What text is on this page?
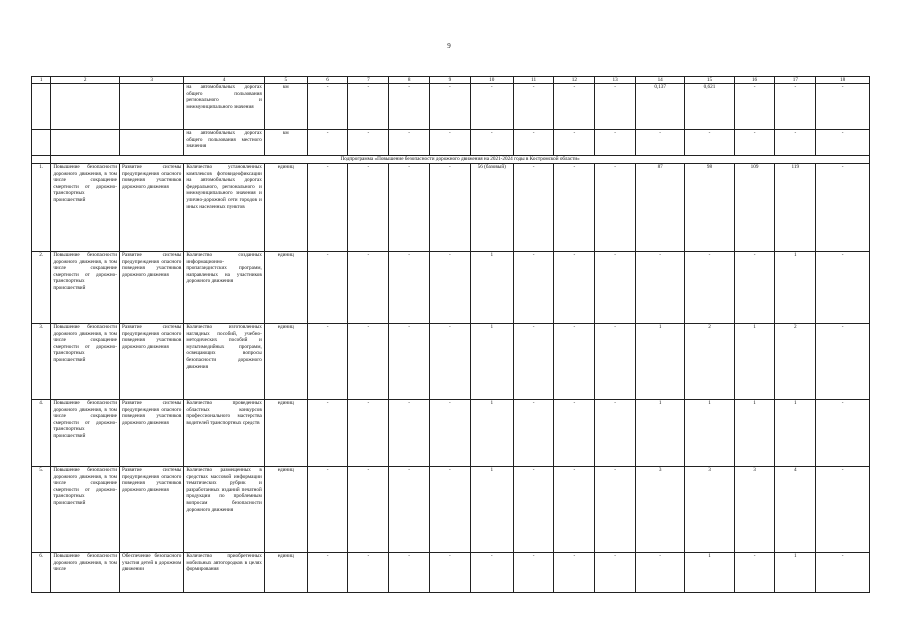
9
1	2	3	4	5	6	7	8	9	10	11	12	13	14	15	16	17	18
			на автомобильных дорогах общего пользования регионального и межмуниципального значения	км	-	-	-	-	-	-	-	-	0,137	0,621	-	-	-
			на автомобильных дорогах общего пользования местного значения	км	-	-	-	-	-	-	-	-	-	-	-	-	-
	Подпрограмма «Повышение безопасности дорожного движения на 2021-2024 годы в Костромской области»																
1.	Повышение безопасности дорожного движения, в том числе сокращение смертности от дорожно-транспортных происшествий	Развитие системы предупреждения опасного поведения участников дорожного движения	Количество установленных комплексов фотовидеофиксации на автомобильных дорогах федерального, регионального и межмуниципального значения и улично-дорожной сети городов и иных населенных пунктов	единиц	-	-	-	-	56 (базовый)	-	-	-	87	98	109	119	-
2.	Повышение безопасности дорожного движения, в том числе сокращение смертности от дорожно-транспортных происшествий	Развитие системы предупреждения опасного поведения участников дорожного движения	Количество созданных информационно-пропагандистских программ, направленных на участников дорожного движения	единиц	-	-	-	-	1	-	-	-	-	-	-	1	-
3.	Повышение безопасности дорожного движения, в том числе сокращение смертности от дорожно-транспортных происшествий	Развитие системы предупреждения опасного поведения участников дорожного движения	Количество изготовленных наглядных пособий, учебно-методических пособий и мультимедийных программ, освещающих вопросы безопасности дорожного движения	единиц	-	-	-	-	1	-	-	-	1	2	1	2	-
4.	Повышение безопасности дорожного движения, в том числе сокращение смертности от дорожно-транспортных происшествий	Развитие системы предупреждения опасного поведения участников дорожного движения	Количество проведенных областных конкурсов профессионального мастерства водителей транспортных средств	единиц	-	-	-	-	1	-	-	-	1	1	1	1	-
5.	Повышение безопасности дорожного движения, в том числе сокращение смертности от дорожно-транспортных происшествий	Развитие системы предупреждения опасного поведения участников дорожного движения	Количество размещенных в средствах массовой информации тематических рубрик и разработанных изданий печатной продукции по проблемным вопросам безопасности дорожного движения	единиц	-	-	-	-	1	-	-	-	3	3	3	4	-
6.	Повышение безопасности дорожного движения, в том числе	Обеспечение безопасного участия детей в дорожном движении	Количество приобретенных мобильных автогородков в целях формирования	единиц	-	-	-	-	-	-	-	-	-	1	-	1	-
